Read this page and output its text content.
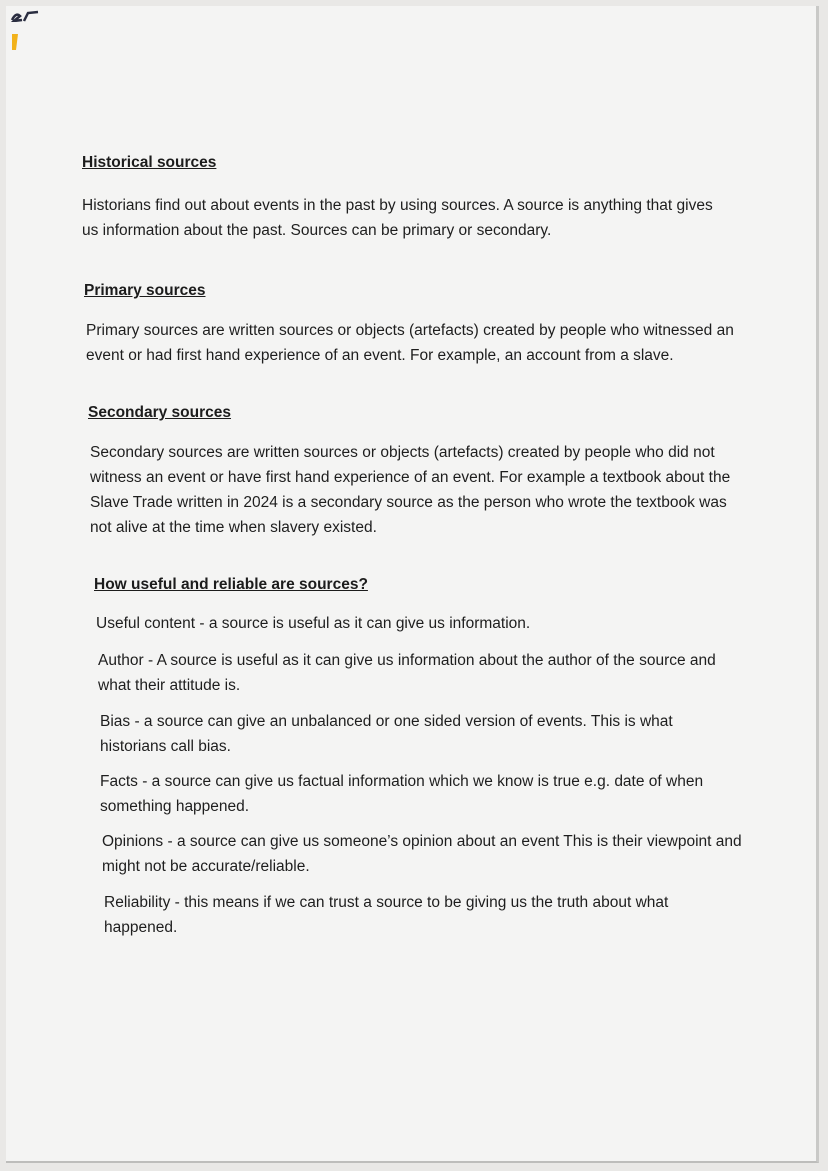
Historical sources

Historians find out about events in the past by using sources. A source is anything that gives us information about the past. Sources can be primary or secondary.

Primary sources

Primary sources are written sources or objects (artefacts) created by people who witnessed an event or had first hand experience of an event. For example, an account from a slave.

Secondary sources

Secondary sources are written sources or objects (artefacts) created by people who did not witness an event or have first hand experience of an event. For example a textbook about the Slave Trade written in 2024 is a secondary source as the person who wrote the textbook was not alive at the time when slavery existed.

How useful and reliable are sources?

Useful content - a source is useful as it can give us information.

Author - A source is useful as it can give us information about the author of the source and what their attitude is.

Bias - a source can give an unbalanced or one sided version of events. This is what historians call bias.

Facts - a source can give us factual information which we know is true e.g. date of when something happened.

Opinions - a source can give us someone’s opinion about an event This is their viewpoint and might not be accurate/reliable.

Reliability - this means if we can trust a source to be giving us the truth about what happened.
